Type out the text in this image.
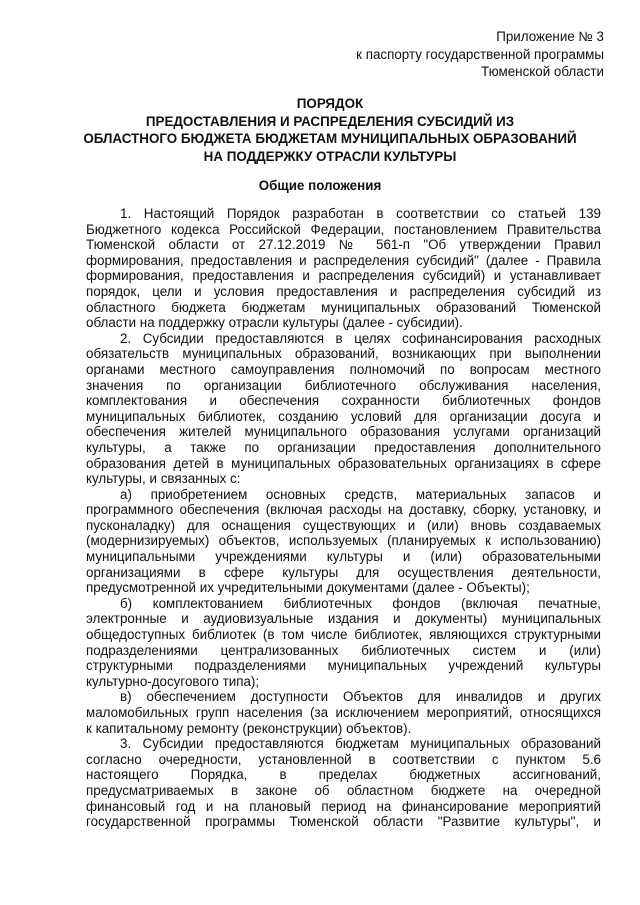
Приложение № 3
к паспорту государственной программы
Тюменской области
ПОРЯДОК
ПРЕДОСТАВЛЕНИЯ И РАСПРЕДЕЛЕНИЯ СУБСИДИЙ ИЗ
ОБЛАСТНОГО БЮДЖЕТА БЮДЖЕТАМ МУНИЦИПАЛЬНЫХ ОБРАЗОВАНИЙ
НА ПОДДЕРЖКУ ОТРАСЛИ КУЛЬТУРЫ
Общие положения
1. Настоящий Порядок разработан в соответствии со статьей 139
Бюджетного кодекса Российской Федерации, постановлением Правительства
Тюменской области от 27.12.2019 № 561-п "Об утверждении Правил
формирования, предоставления и распределения субсидий" (далее - Правила
формирования, предоставления и распределения субсидий) и устанавливает
порядок, цели и условия предоставления и распределения субсидий из
областного бюджета бюджетам муниципальных образований Тюменской
области на поддержку отрасли культуры (далее - субсидии).
2. Субсидии предоставляются в целях софинансирования расходных
обязательств муниципальных образований, возникающих при выполнении
органами местного самоуправления полномочий по вопросам местного
значения по организации библиотечного обслуживания населения,
комплектования и обеспечения сохранности библиотечных фондов
муниципальных библиотек, созданию условий для организации досуга и
обеспечения жителей муниципального образования услугами организаций
культуры, а также по организации предоставления дополнительного
образования детей в муниципальных образовательных организациях в сфере
культуры, и связанных с:
а) приобретением основных средств, материальных запасов и
программного обеспечения (включая расходы на доставку, сборку, установку, и
пусконаладку) для оснащения существующих и (или) вновь создаваемых
(модернизируемых) объектов, используемых (планируемых к использованию)
муниципальными учреждениями культуры и (или) образовательными
организациями в сфере культуры для осуществления деятельности,
предусмотренной их учредительными документами (далее - Объекты);
б) комплектованием библиотечных фондов (включая печатные,
электронные и аудиовизуальные издания и документы) муниципальных
общедоступных библиотек (в том числе библиотек, являющихся структурными
подразделениями централизованных библиотечных систем и (или)
структурными подразделениями муниципальных учреждений культуры
культурно-досугового типа);
в) обеспечением доступности Объектов для инвалидов и других
маломобильных групп населения (за исключением мероприятий, относящихся
к капитальному ремонту (реконструкции) объектов).
3. Субсидии предоставляются бюджетам муниципальных образований
согласно очередности, установленной в соответствии с пунктом 5.6
настоящего Порядка, в пределах бюджетных ассигнований,
предусматриваемых в законе об областном бюджете на очередной
финансовый год и на плановый период на финансирование мероприятий
государственной программы Тюменской области "Развитие культуры", и
